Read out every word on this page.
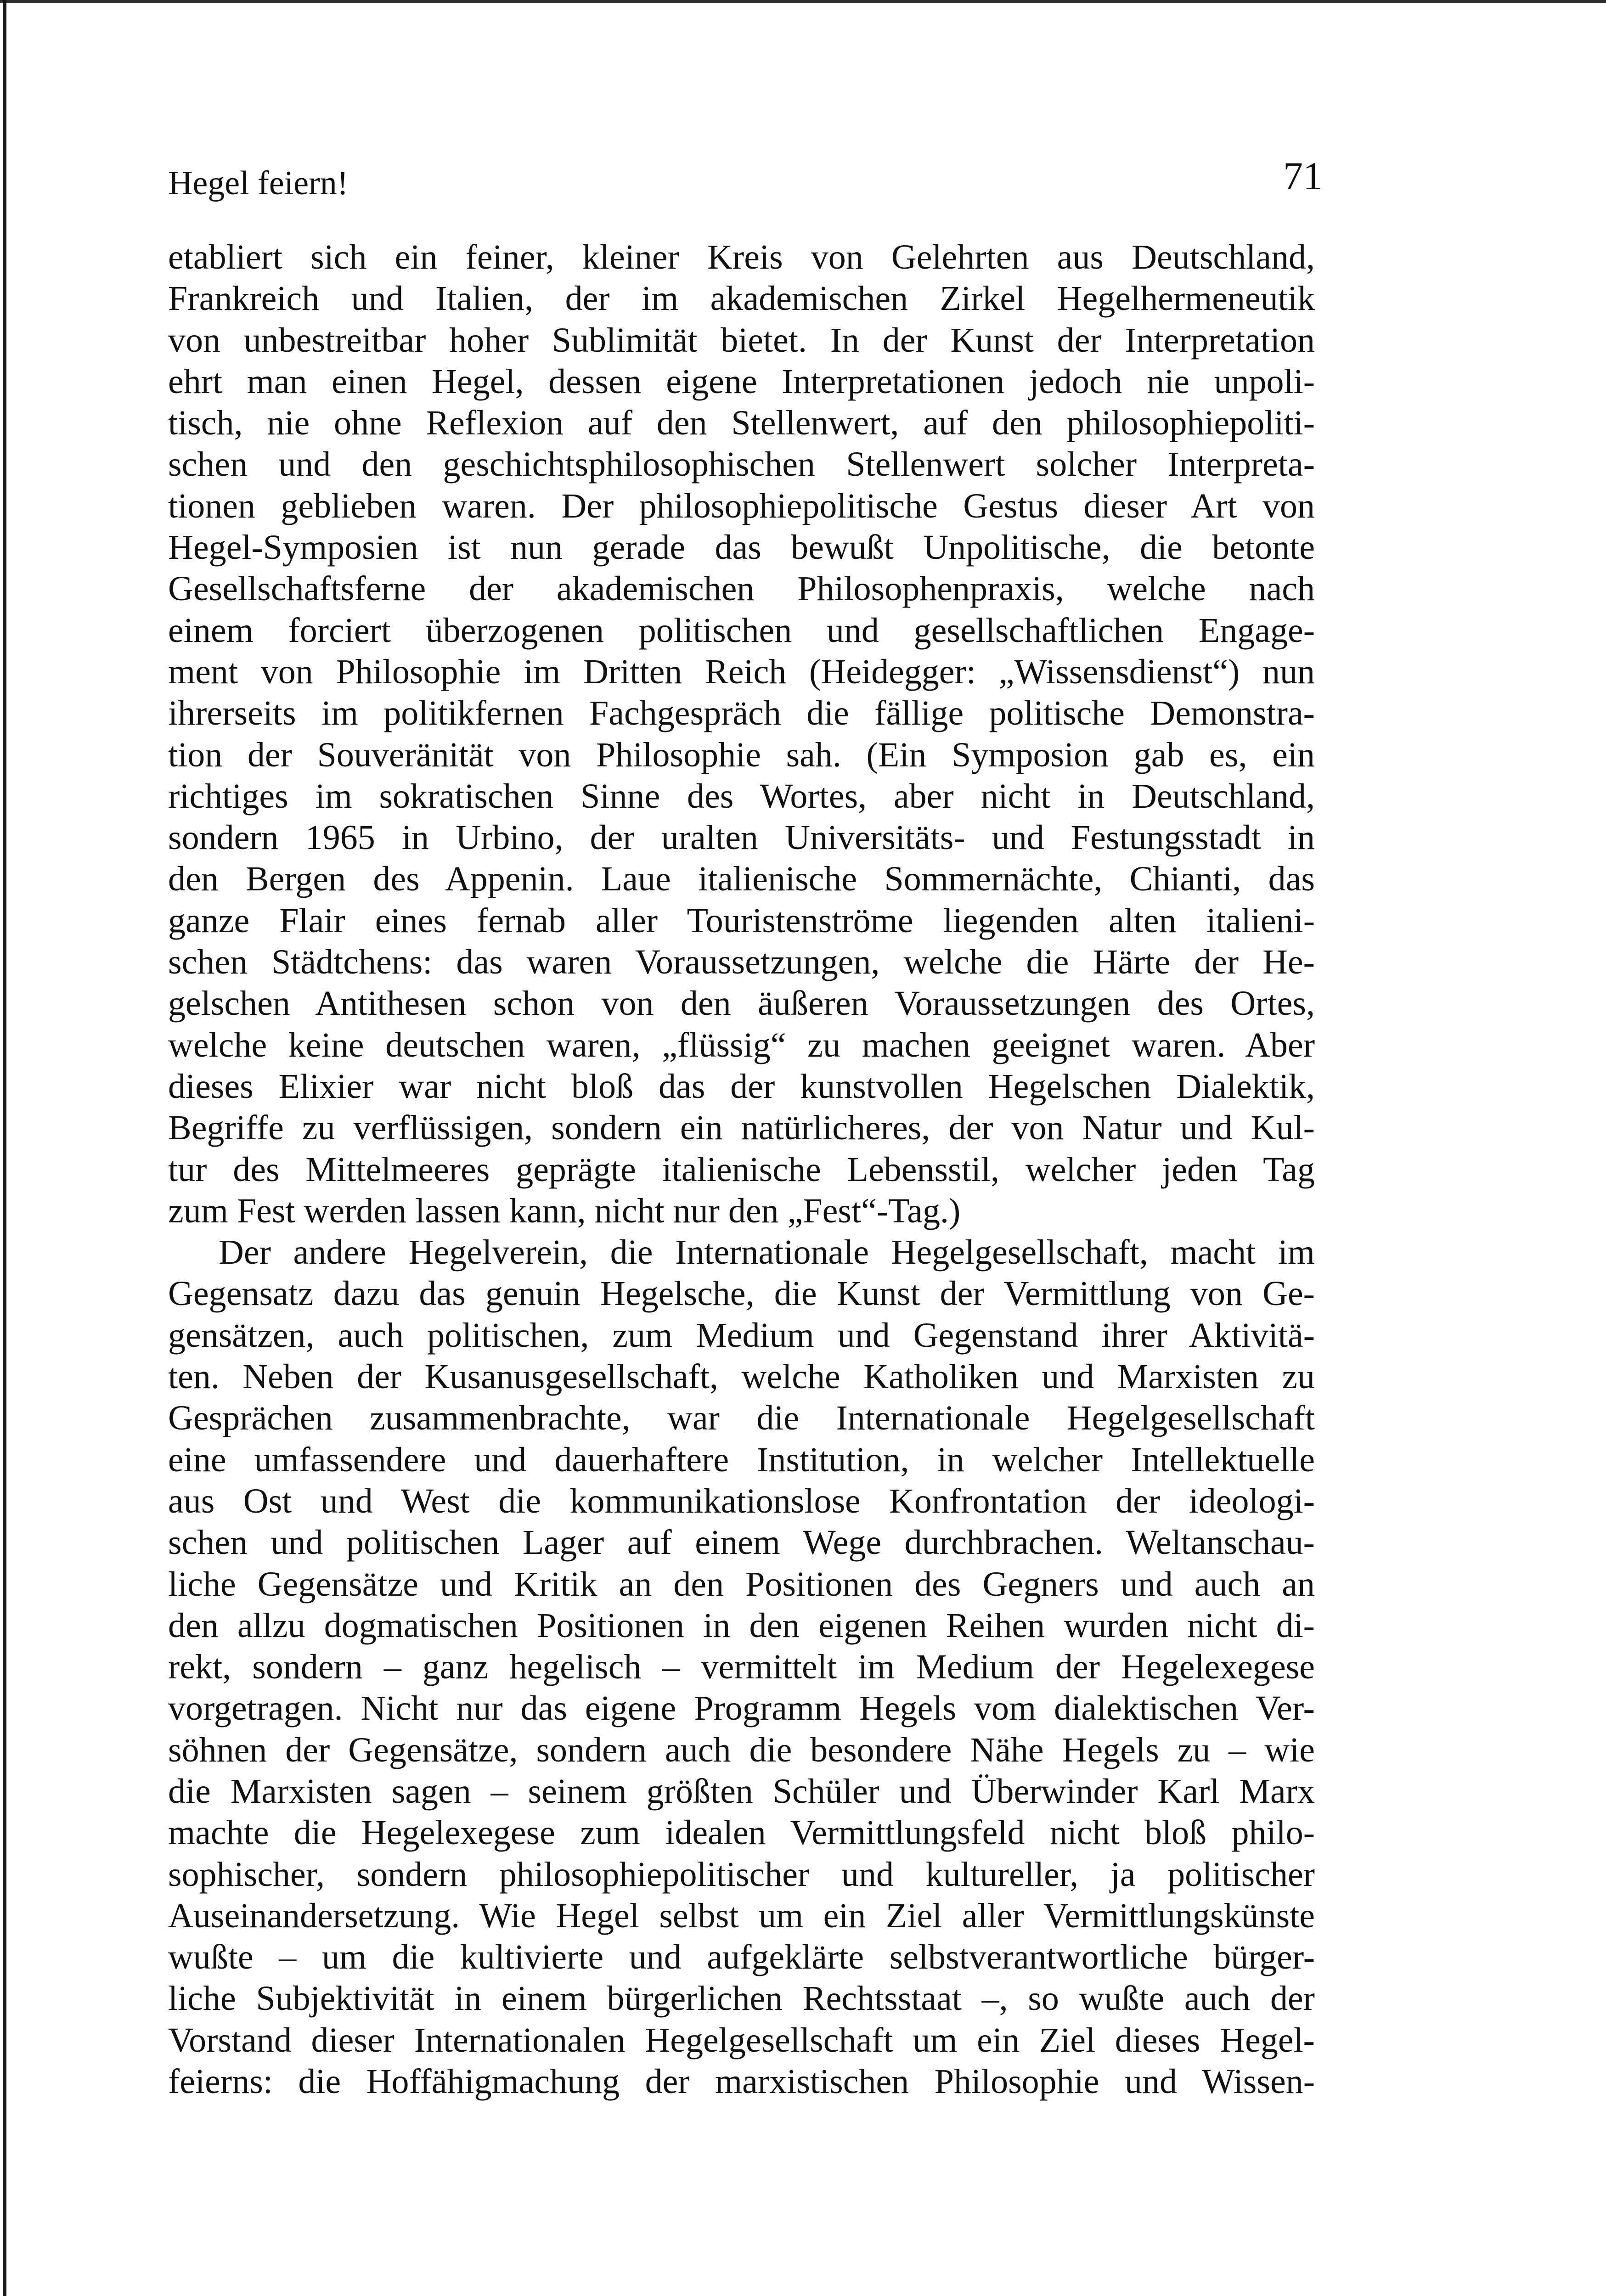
Hegel feiern!	71
etabliert sich ein feiner, kleiner Kreis von Gelehrten aus Deutschland,
Frankreich und Italien, der im akademischen Zirkel Hegelhermeneutik
von unbestreitbar hoher Sublimität bietet. In der Kunst der Interpretation
ehrt man einen Hegel, dessen eigene Interpretationen jedoch nie unpoli-
tisch, nie ohne Reflexion auf den Stellenwert, auf den philosophiepoliti-
schen und den geschichtsphilosophischen Stellenwert solcher Interpreta-
tionen geblieben waren. Der philosophiepolitische Gestus dieser Art von
Hegel-Symposien ist nun gerade das bewußt Unpolitische, die betonte
Gesellschaftsferne der akademischen Philosophenpraxis, welche nach
einem forciert überzogenen politischen und gesellschaftlichen Engage-
ment von Philosophie im Dritten Reich (Heidegger: „Wissensdienst“) nun
ihrerseits im politikfernen Fachgespräch die fällige politische Demonstra-
tion der Souveränität von Philosophie sah. (Ein Symposion gab es, ein
richtiges im sokratischen Sinne des Wortes, aber nicht in Deutschland,
sondern 1965 in Urbino, der uralten Universitäts- und Festungsstadt in
den Bergen des Appenin. Laue italienische Sommernächte, Chianti, das
ganze Flair eines fernab aller Touristenströme liegenden alten italieni-
schen Städtchens: das waren Voraussetzungen, welche die Härte der He-
gelschen Antithesen schon von den äußeren Voraussetzungen des Ortes,
welche keine deutschen waren, „flüssig“ zu machen geeignet waren. Aber
dieses Elixier war nicht bloß das der kunstvollen Hegelschen Dialektik,
Begriffe zu verflüssigen, sondern ein natürlicheres, der von Natur und Kul-
tur des Mittelmeeres geprägte italienische Lebensstil, welcher jeden Tag
zum Fest werden lassen kann, nicht nur den „Fest“-Tag.)
Der andere Hegelverein, die Internationale Hegelgesellschaft, macht im
Gegensatz dazu das genuin Hegelsche, die Kunst der Vermittlung von Ge-
gensätzen, auch politischen, zum Medium und Gegenstand ihrer Aktivitä-
ten. Neben der Kusanusgesellschaft, welche Katholiken und Marxisten zu
Gesprächen zusammenbrachte, war die Internationale Hegelgesellschaft
eine umfassendere und dauerhaftere Institution, in welcher Intellektuelle
aus Ost und West die kommunikationslose Konfrontation der ideologi-
schen und politischen Lager auf einem Wege durchbrachen. Weltanschau-
liche Gegensätze und Kritik an den Positionen des Gegners und auch an
den allzu dogmatischen Positionen in den eigenen Reihen wurden nicht di-
rekt, sondern – ganz hegelisch – vermittelt im Medium der Hegelexegese
vorgetragen. Nicht nur das eigene Programm Hegels vom dialektischen Ver-
söhnen der Gegensätze, sondern auch die besondere Nähe Hegels zu – wie
die Marxisten sagen – seinem größten Schüler und Überwinder Karl Marx
machte die Hegelexegese zum idealen Vermittlungsfeld nicht bloß philo-
sophischer, sondern philosophiepolitischer und kultureller, ja politischer
Auseinandersetzung. Wie Hegel selbst um ein Ziel aller Vermittlungskünste
wußte – um die kultivierte und aufgeklärte selbstverantwortliche bürger-
liche Subjektivität in einem bürgerlichen Rechtsstaat –, so wußte auch der
Vorstand dieser Internationalen Hegelgesellschaft um ein Ziel dieses Hegel-
feierns: die Hoffähigmachung der marxistischen Philosophie und Wissen-
